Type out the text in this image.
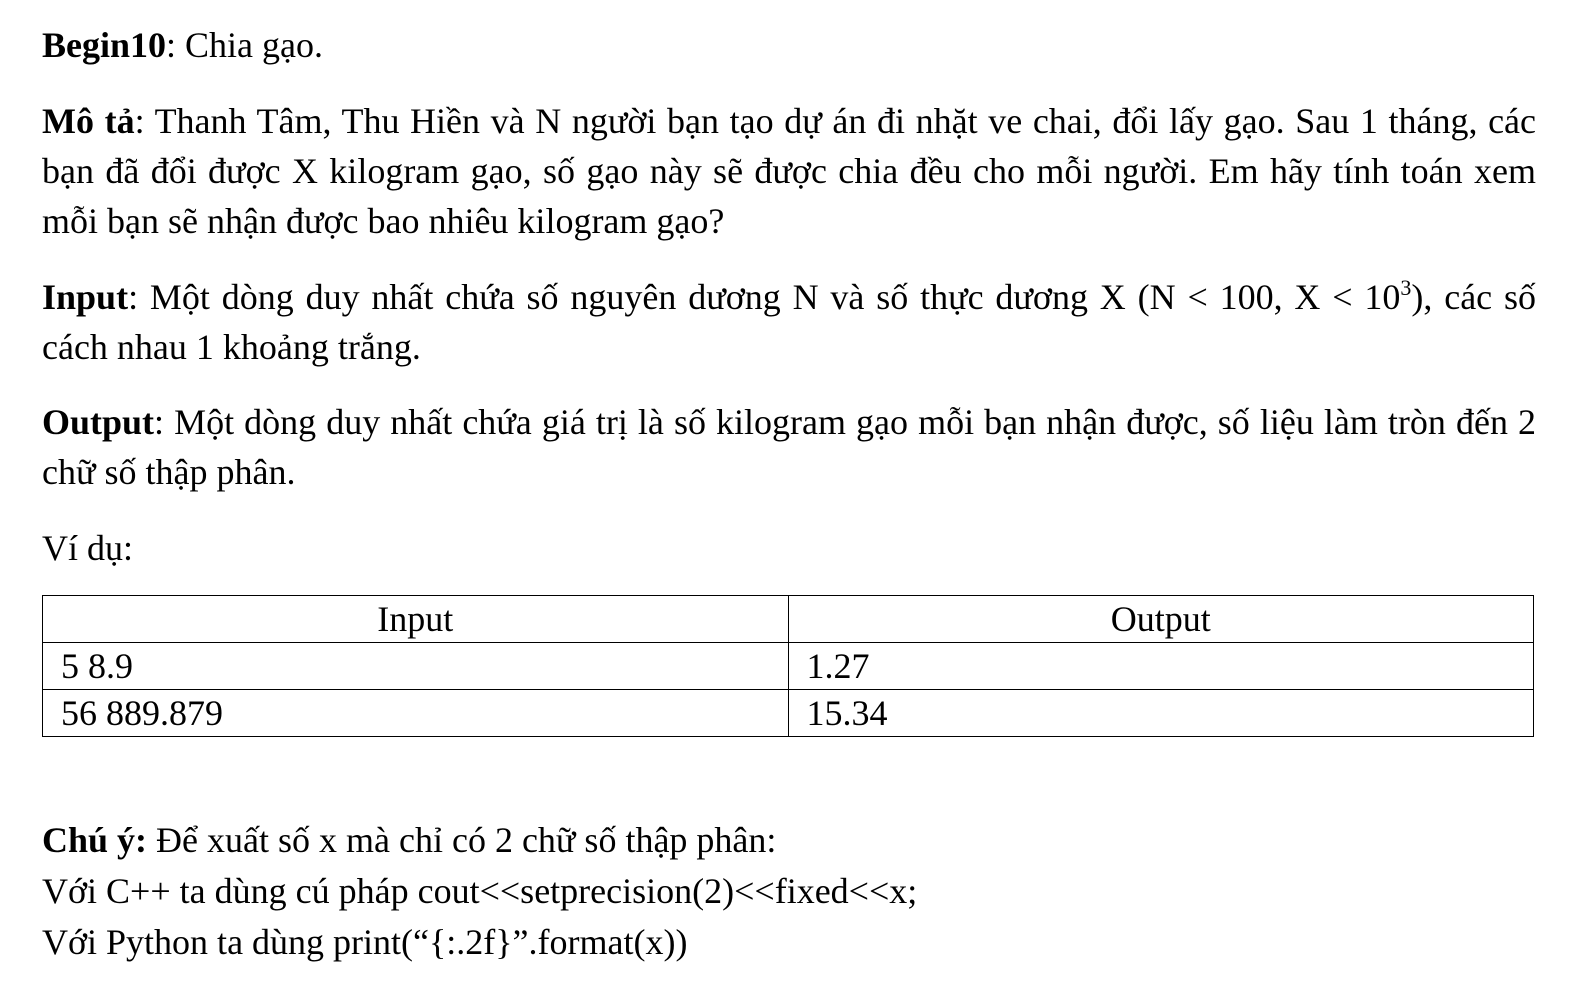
Begin10: Chia gạo.

Mô tả: Thanh Tâm, Thu Hiền và N người bạn tạo dự án đi nhặt ve chai, đổi lấy gạo. Sau 1 tháng, các bạn đã đổi được X kilogram gạo, số gạo này sẽ được chia đều cho mỗi người. Em hãy tính toán xem mỗi bạn sẽ nhận được bao nhiêu kilogram gạo?

Input: Một dòng duy nhất chứa số nguyên dương N và số thực dương X (N < 100, $X < 10^3$), các số cách nhau 1 khoảng trắng.

Output: Một dòng duy nhất chứa giá trị là số kilogram gạo mỗi bạn nhận được, số liệu làm tròn đến 2 chữ số thập phân.

Ví dụ:

Input	Output
5 8.9	1.27
56 889.879	15.34

Chú ý: Để xuất số x mà chỉ có 2 chữ số thập phân:

Với C++ ta dùng cú pháp cout<<setprecision(2)<<fixed<<x;

Với Python ta dùng print(“{:.2f}”.format(x))
